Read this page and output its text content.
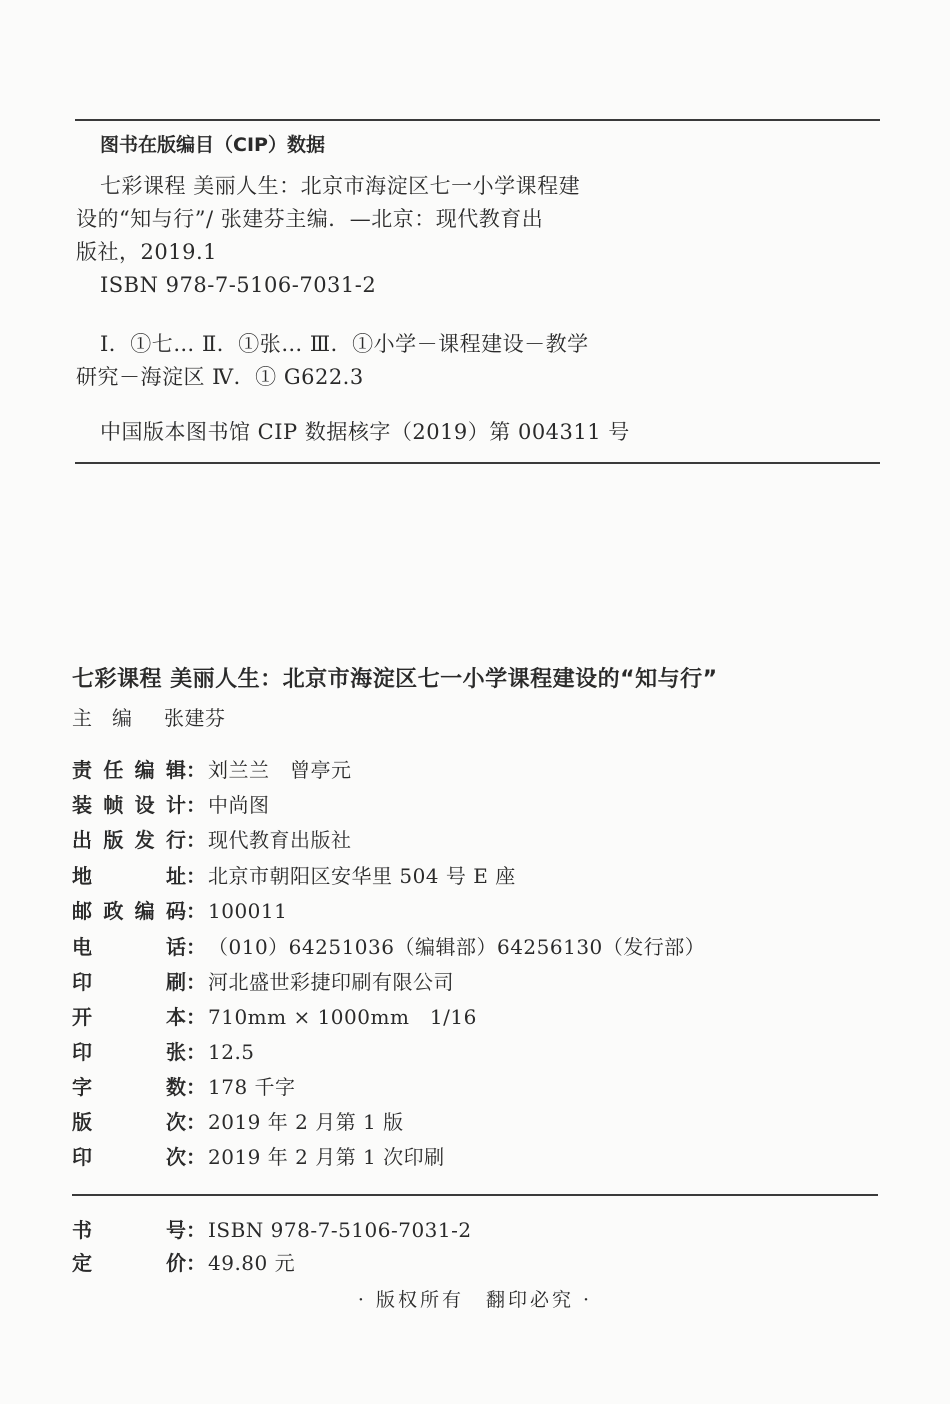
图书在版编目（CIP）数据
七彩课程 美丽人生：北京市海淀区七一小学课程建
设的“知与行”/ 张建芬主编．—北京：现代教育出
版社，2019.1
ISBN 978-7-5106-7031-2
Ⅰ．①七… Ⅱ．①张… Ⅲ．①小学－课程建设－教学
研究－海淀区 Ⅳ．① G622.3
中国版本图书馆 CIP 数据核字（2019）第 004311 号
七彩课程 美丽人生：北京市海淀区七一小学课程建设的“知与行”
主 编 张建芬
责任编辑 ： 刘兰兰　曾亭元
装帧设计 ： 中尚图
出版发行 ： 现代教育出版社
地　　址 ： 北京市朝阳区安华里 504 号 E 座
邮政编码 ： 100011
电　　话 ： （010）64251036（编辑部）64256130（发行部）
印　　刷 ： 河北盛世彩捷印刷有限公司
开　　本 ： 710mm × 1000mm　1/16
印　　张 ： 12.5
字　　数 ： 178 千字
版　　次 ： 2019 年 2 月第 1 版
印　　次 ： 2019 年 2 月第 1 次印刷
书　　号 ： ISBN 978-7-5106-7031-2
定　　价 ： 49.80 元
· 版权所有　翻印必究 ·
